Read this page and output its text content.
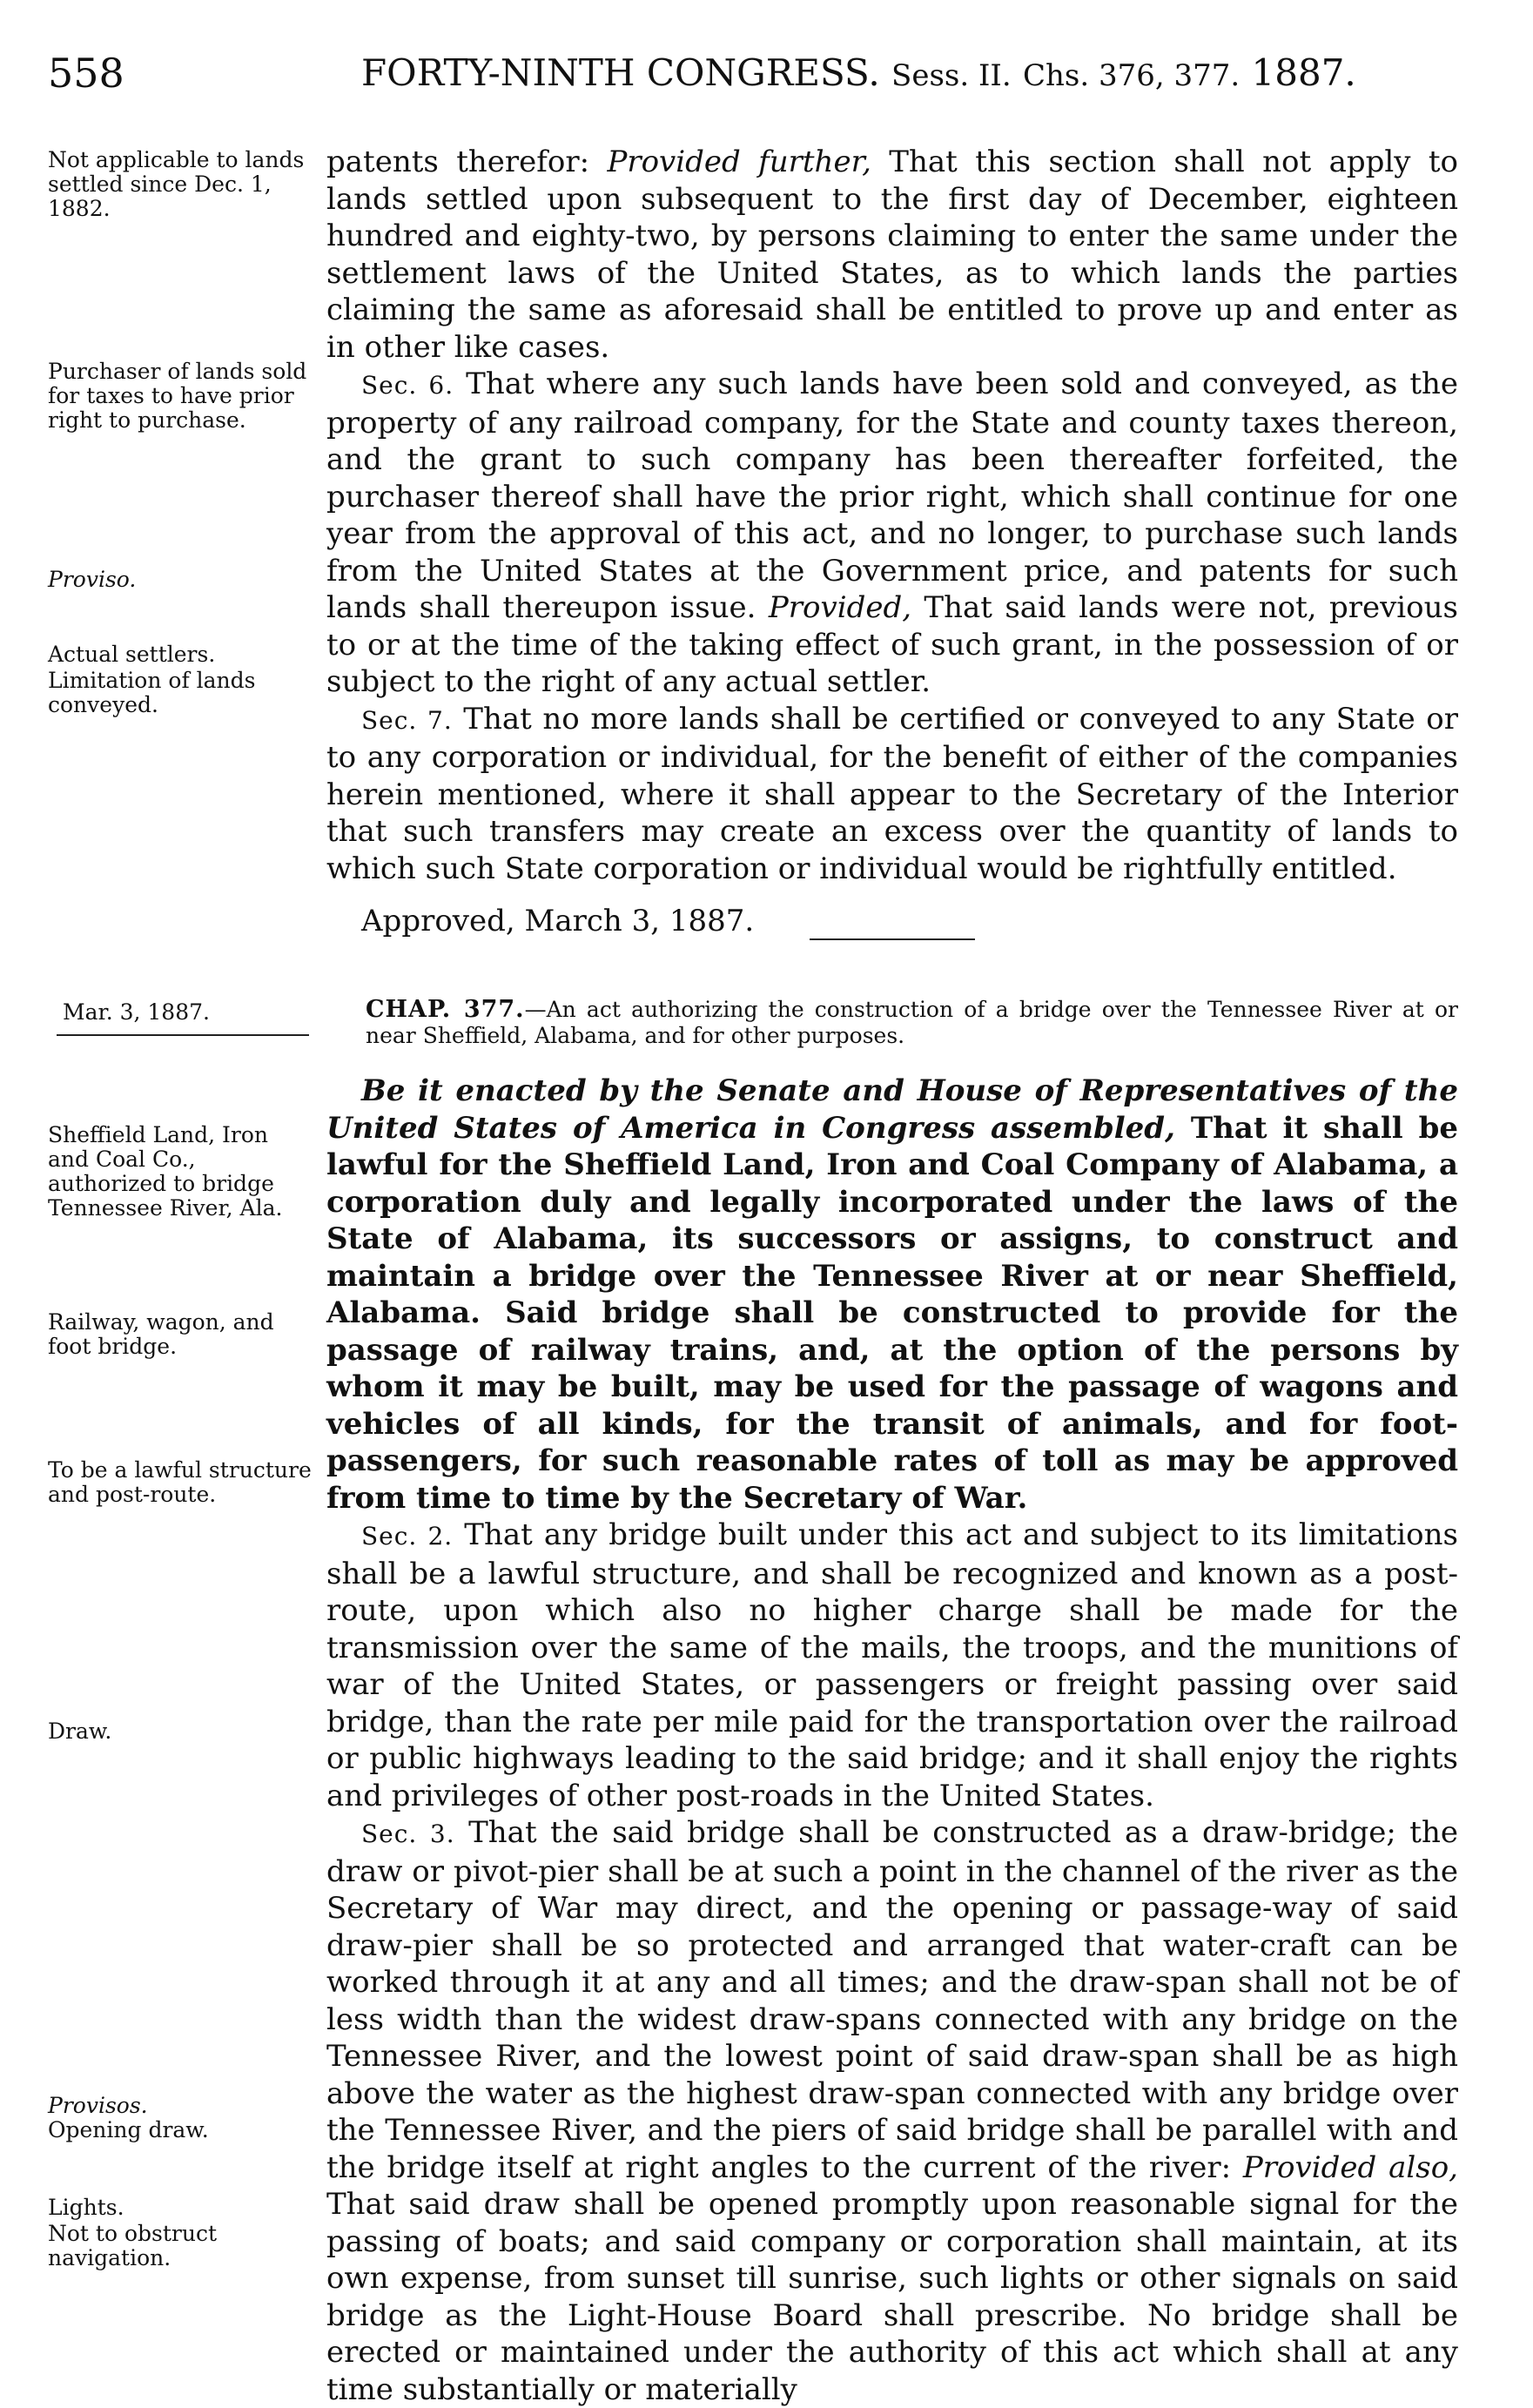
558	FORTY-NINTH CONGRESS. Sess. II. Chs. 376, 377. 1887.

patents therefor: Provided further, That this section shall not apply to lands settled upon subsequent to the first day of December, eighteen hundred and eighty-two, by persons claiming to enter the same under the settlement laws of the United States, as to which lands the parties claiming the same as aforesaid shall be entitled to prove up and enter as in other like cases.

Sec. 6. That where any such lands have been sold and conveyed, as the property of any railroad company, for the State and county taxes thereon, and the grant to such company has been thereafter forfeited, the purchaser thereof shall have the prior right, which shall continue for one year from the approval of this act, and no longer, to purchase such lands from the United States at the Government price, and patents for such lands shall thereupon issue. Provided, That said lands were not, previous to or at the time of the taking effect of such grant, in the possession of or subject to the right of any actual settler.

Sec. 7. That no more lands shall be certified or conveyed to any State or to any corporation or individual, for the benefit of either of the companies herein mentioned, where it shall appear to the Secretary of the Interior that such transfers may create an excess over the quantity of lands to which such State corporation or individual would be rightfully entitled.

Approved, March 3, 1887.

Mar. 3, 1887.	CHAP. 377.—An act authorizing the construction of a bridge over the Tennessee River at or near Sheffield, Alabama, and for other purposes.

Be it enacted by the Senate and House of Representatives of the United States of America in Congress assembled, That it shall be lawful for the Sheffield Land, Iron and Coal Company of Alabama, a corporation duly and legally incorporated under the laws of the State of Alabama, its successors or assigns, to construct and maintain a bridge over the Tennessee River at or near Sheffield, Alabama. Said bridge shall be constructed to provide for the passage of railway trains, and, at the option of the persons by whom it may be built, may be used for the passage of wagons and vehicles of all kinds, for the transit of animals, and for foot-passengers, for such reasonable rates of toll as may be approved from time to time by the Secretary of War.

Sec. 2. That any bridge built under this act and subject to its limitations shall be a lawful structure, and shall be recognized and known as a post-route, upon which also no higher charge shall be made for the transmission over the same of the mails, the troops, and the munitions of war of the United States, or passengers or freight passing over said bridge, than the rate per mile paid for the transportation over the railroad or public highways leading to the said bridge; and it shall enjoy the rights and privileges of other post-roads in the United States.

Sec. 3. That the said bridge shall be constructed as a draw-bridge; the draw or pivot-pier shall be at such a point in the channel of the river as the Secretary of War may direct, and the opening or passage-way of said draw-pier shall be so protected and arranged that water-craft can be worked through it at any and all times; and the draw-span shall not be of less width than the widest draw-spans connected with any bridge on the Tennessee River, and the lowest point of said draw-span shall be as high above the water as the highest draw-span connected with any bridge over the Tennessee River, and the piers of said bridge shall be parallel with and the bridge itself at right angles to the current of the river: Provided also, That said draw shall be opened promptly upon reasonable signal for the passing of boats; and said company or corporation shall maintain, at its own expense, from sunset till sunrise, such lights or other signals on said bridge as the Light-House Board shall prescribe. No bridge shall be erected or maintained under the authority of this act which shall at any time substantially or materially

Not applicable to lands settled since Dec. 1, 1882.
Purchaser of lands sold for taxes to have prior right to purchase.
Proviso.
Actual settlers.
Limitation of lands conveyed.
Sheffield Land, Iron and Coal Co., authorized to bridge Tennessee River, Ala.
Railway, wagon, and foot bridge.
To be a lawful structure and post-route.
Draw.
Provisos.
Opening draw.
Lights.
Not to obstruct navigation.
